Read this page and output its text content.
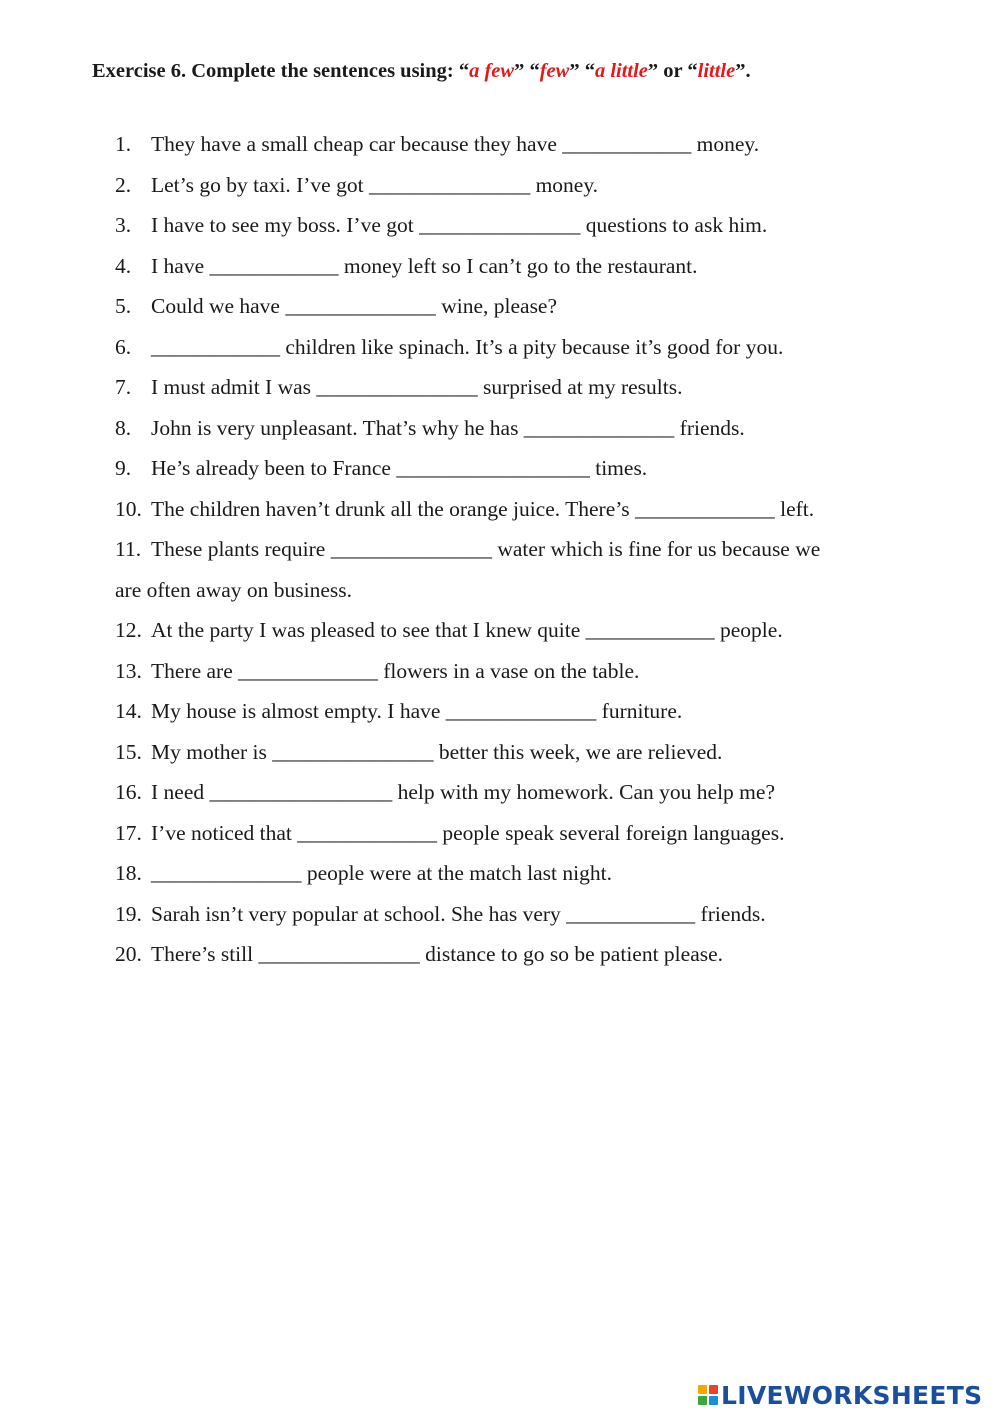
Exercise 6. Complete the sentences using: “a few” “few” “a little” or “little”.
1. They have a small cheap car because they have ____________ money.
2. Let’s go by taxi. I’ve got _______________ money.
3. I have to see my boss. I’ve got _______________ questions to ask him.
4. I have ____________ money left so I can’t go to the restaurant.
5. Could we have ______________ wine, please?
6. ____________ children like spinach. It’s a pity because it’s good for you.
7. I must admit I was _______________ surprised at my results.
8. John is very unpleasant. That’s why he has ______________ friends.
9. He’s already been to France __________________ times.
10. The children haven’t drunk all the orange juice. There’s _____________ left.
11. These plants require _______________ water which is fine for us because we
are often away on business.
12. At the party I was pleased to see that I knew quite ____________ people.
13. There are _____________ flowers in a vase on the table.
14. My house is almost empty. I have ______________ furniture.
15. My mother is _______________ better this week, we are relieved.
16. I need _________________ help with my homework. Can you help me?
17. I’ve noticed that _____________ people speak several foreign languages.
18. ______________ people were at the match last night.
19. Sarah isn’t very popular at school. She has very ____________ friends.
20. There’s still _______________ distance to go so be patient please.
LIVEWORKSHEETS
